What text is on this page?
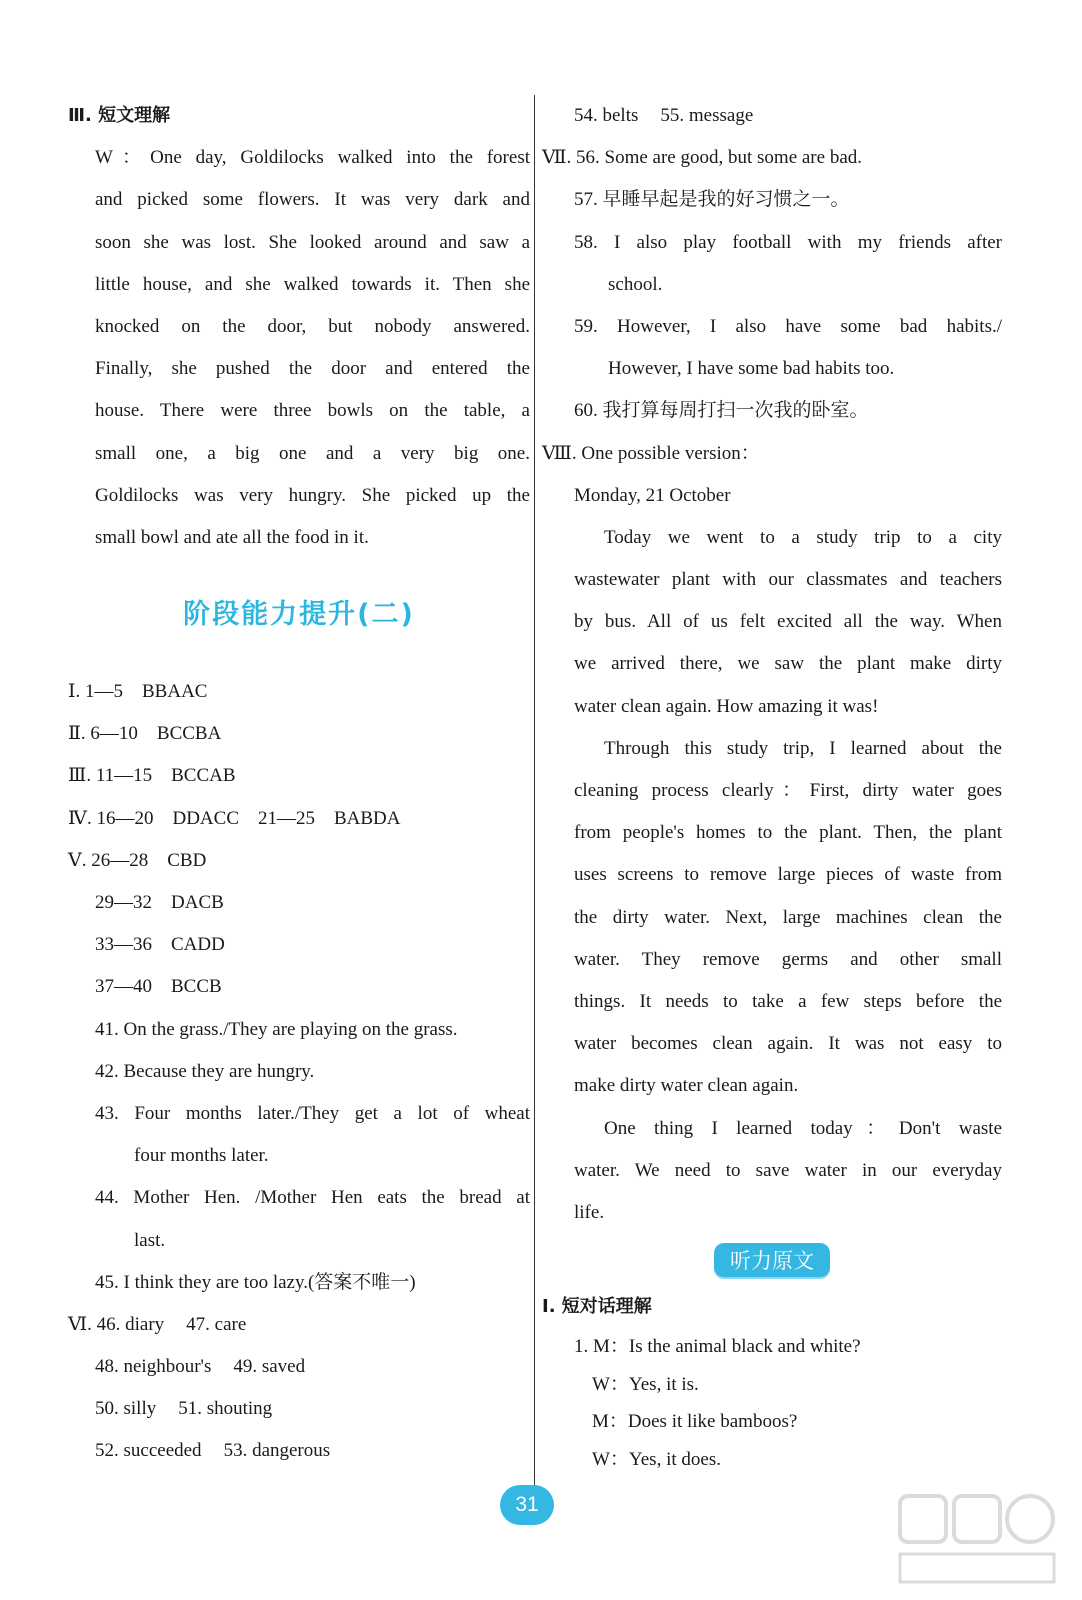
Ⅲ. 短文理解
W：One day, Goldilocks walked into the forest
and picked some flowers. It was very dark and
soon she was lost. She looked around and saw a
little house, and she walked towards it. Then she
knocked on the door, but nobody answered.
Finally, she pushed the door and entered the
house. There were three bowls on the table, a
small one, a big one and a very big one.
Goldilocks was very hungry. She picked up the
small bowl and ate all the food in it.
阶段能力提升(二)
Ⅰ. 1—5　BBAAC
Ⅱ. 6—10　BCCBA
Ⅲ. 11—15　BCCAB
Ⅳ. 16—20　DDACC　21—25　BABDA
Ⅴ. 26—28　CBD
29—32　DACB
33—36　CADD
37—40　BCCB
41. On the grass./They are playing on the grass.
42. Because they are hungry.
43. Four months later./They get a lot of wheat
four months later.
44. Mother Hen. /Mother Hen eats the bread at
last.
45. I think they are too lazy.(答案不唯一)
Ⅵ. 46. diary 47. care
48. neighbour's 49. saved
50. silly 51. shouting
52. succeeded 53. dangerous
54. belts 55. message
Ⅶ. 56. Some are good, but some are bad.
57. 早睡早起是我的好习惯之一。
58. I also play football with my friends after
school.
59. However, I also have some bad habits./
However, I have some bad habits too.
60. 我打算每周打扫一次我的卧室。
Ⅷ. One possible version：
Monday, 21 October
Today we went to a study trip to a city
wastewater plant with our classmates and teachers
by bus. All of us felt excited all the way. When
we arrived there, we saw the plant make dirty
water clean again. How amazing it was!
Through this study trip, I learned about the
cleaning process clearly：First, dirty water goes
from people's homes to the plant. Then, the plant
uses screens to remove large pieces of waste from
the dirty water. Next, large machines clean the
water. They remove germs and other small
things. It needs to take a few steps before the
water becomes clean again. It was not easy to
make dirty water clean again.
One thing I learned today：Don't waste
water. We need to save water in our everyday
life.
听力原文
Ⅰ. 短对话理解
1. M：Is the animal black and white?
W：Yes, it is.
M：Does it like bamboos?
W：Yes, it does.
31
